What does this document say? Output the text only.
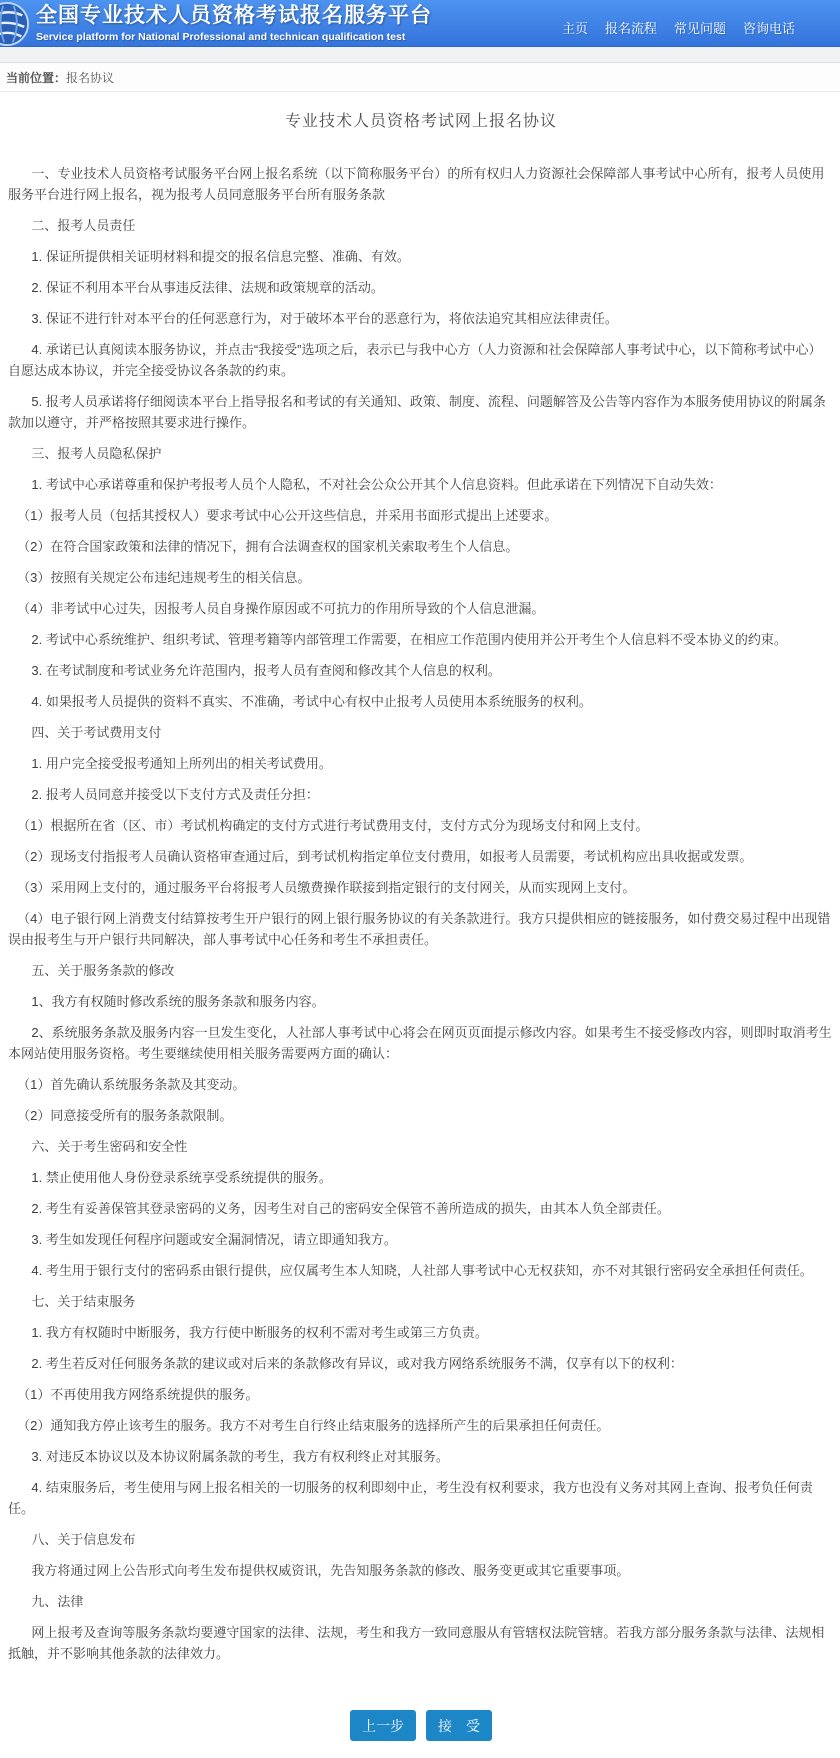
全国专业技术人员资格考试报名服务平台
Service platform for National Professional and technican qualification test
主页 报名流程 常见问题 咨询电话
当前位置： 报名协议
专业技术人员资格考试网上报名协议

一、专业技术人员资格考试服务平台网上报名系统（以下简称服务平台）的所有权归人力资源社会保障部人事考试中心所有，报考人员使用服务平台进行网上报名，视为报考人员同意服务平台所有服务条款

二、报考人员责任

1. 保证所提供相关证明材料和提交的报名信息完整、准确、有效。

2. 保证不利用本平台从事违反法律、法规和政策规章的活动。

3. 保证不进行针对本平台的任何恶意行为，对于破坏本平台的恶意行为，将依法追究其相应法律责任。

4. 承诺已认真阅读本服务协议，并点击“我接受”选项之后，表示已与我中心方（人力资源和社会保障部人事考试中心，以下简称考试中心）自愿达成本协议，并完全接受协议各条款的约束。

5. 报考人员承诺将仔细阅读本平台上指导报名和考试的有关通知、政策、制度、流程、问题解答及公告等内容作为本服务使用协议的附属条款加以遵守，并严格按照其要求进行操作。

三、报考人员隐私保护

1. 考试中心承诺尊重和保护考报考人员个人隐私，不对社会公众公开其个人信息资料。但此承诺在下列情况下自动失效：

（1）报考人员（包括其授权人）要求考试中心公开这些信息，并采用书面形式提出上述要求。

（2）在符合国家政策和法律的情况下，拥有合法调查权的国家机关索取考生个人信息。

（3）按照有关规定公布违纪违规考生的相关信息。

（4）非考试中心过失，因报考人员自身操作原因或不可抗力的作用所导致的个人信息泄漏。

2. 考试中心系统维护、组织考试、管理考籍等内部管理工作需要，在相应工作范围内使用并公开考生个人信息料不受本协义的约束。

3. 在考试制度和考试业务允许范围内，报考人员有查阅和修改其个人信息的权利。

4. 如果报考人员提供的资料不真实、不准确，考试中心有权中止报考人员使用本系统服务的权利。

四、关于考试费用支付

1. 用户完全接受报考通知上所列出的相关考试费用。

2. 报考人员同意并接受以下支付方式及责任分担：

（1）根据所在省（区、市）考试机构确定的支付方式进行考试费用支付，支付方式分为现场支付和网上支付。

（2）现场支付指报考人员确认资格审查通过后，到考试机构指定单位支付费用，如报考人员需要，考试机构应出具收据或发票。

（3）采用网上支付的，通过服务平台将报考人员缴费操作联接到指定银行的支付网关，从而实现网上支付。

（4）电子银行网上消费支付结算按考生开户银行的网上银行服务协议的有关条款进行。我方只提供相应的链接服务，如付费交易过程中出现错误由报考生与开户银行共同解决，部人事考试中心任务和考生不承担责任。

五、关于服务条款的修改

1、我方有权随时修改系统的服务条款和服务内容。

2、系统服务条款及服务内容一旦发生变化，人社部人事考试中心将会在网页页面提示修改内容。如果考生不接受修改内容，则即时取消考生本网站使用服务资格。考生要继续使用相关服务需要两方面的确认：

（1）首先确认系统服务条款及其变动。

（2）同意接受所有的服务条款限制。

六、关于考生密码和安全性

1. 禁止使用他人身份登录系统享受系统提供的服务。

2. 考生有妥善保管其登录密码的义务，因考生对自己的密码安全保管不善所造成的损失，由其本人负全部责任。

3. 考生如发现任何程序问题或安全漏洞情况，请立即通知我方。

4. 考生用于银行支付的密码系由银行提供，应仅属考生本人知晓，人社部人事考试中心无权获知，亦不对其银行密码安全承担任何责任。

七、关于结束服务

1. 我方有权随时中断服务，我方行使中断服务的权利不需对考生或第三方负责。

2. 考生若反对任何服务条款的建议或对后来的条款修改有异议，或对我方网络系统服务不满，仅享有以下的权利：

（1）不再使用我方网络系统提供的服务。

（2）通知我方停止该考生的服务。我方不对考生自行终止结束服务的选择所产生的后果承担任何责任。

3. 对违反本协议以及本协议附属条款的考生，我方有权利终止对其服务。

4. 结束服务后，考生使用与网上报名相关的一切服务的权利即刻中止，考生没有权利要求，我方也没有义务对其网上查询、报考负任何责任。

八、关于信息发布

我方将通过网上公告形式向考生发布提供权威资讯，先告知服务条款的修改、服务变更或其它重要事项。

九、法律

网上报考及查询等服务条款均要遵守国家的法律、法规，考生和我方一致同意服从有管辖权法院管辖。若我方部分服务条款与法律、法规相抵触，并不影响其他条款的法律效力。

上一步	接　受
